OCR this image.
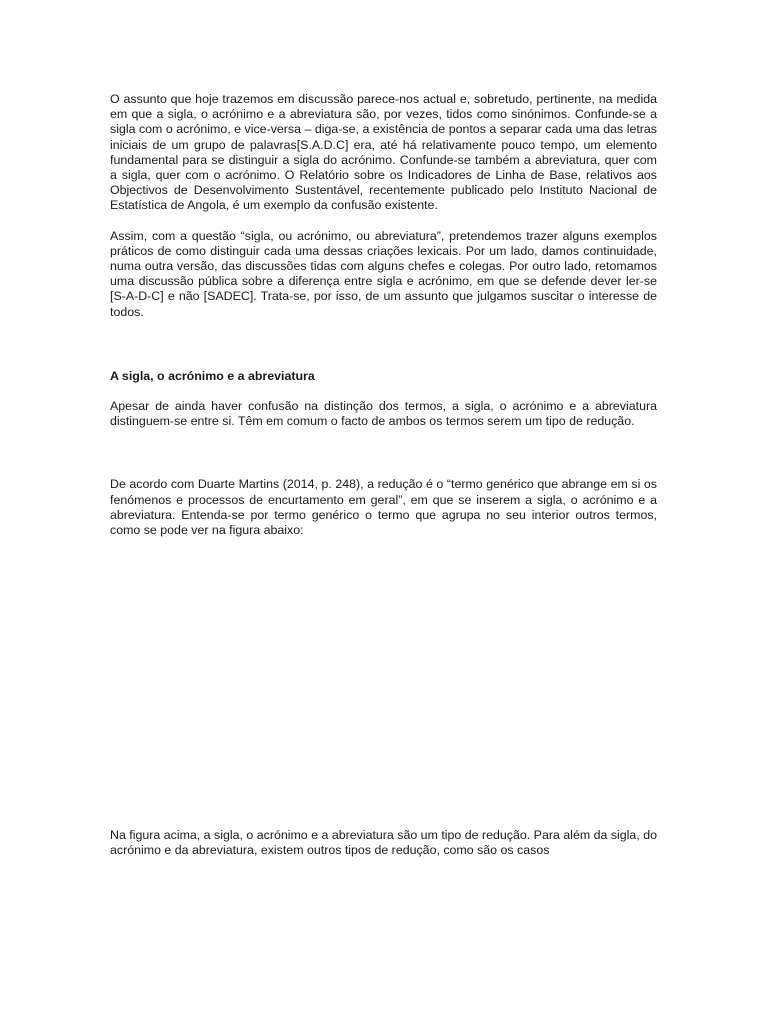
O assunto que hoje trazemos em discussão parece-nos actual e, sobretudo, pertinente, na medida em que a sigla, o acrónimo e a abreviatura são, por vezes, tidos como sinónimos. Confunde-se a sigla com o acrónimo, e vice-versa – diga-se, a existência de pontos a separar cada uma das letras iniciais de um grupo de palavras[S.A.D.C] era, até há relativamente pouco tempo, um elemento fundamental para se distinguir a sigla do acrónimo. Confunde-se também a abreviatura, quer com a sigla, quer com o acrónimo. O Relatório sobre os Indicadores de Linha de Base, relativos aos Objectivos de Desenvolvimento Sustentável, recentemente publicado pelo Instituto Nacional de Estatística de Angola, é um exemplo da confusão existente.

Assim, com a questão “sigla, ou acrónimo, ou abreviatura”, pretendemos trazer alguns exemplos práticos de como distinguir cada uma dessas criações lexicais. Por um lado, damos continuidade, numa outra versão, das discussões tidas com alguns chefes e colegas. Por outro lado, retomamos uma discussão pública sobre a diferença entre sigla e acrónimo, em que se defende dever ler-se [S-A-D-C] e não [SADEC]. Trata-se, por isso, de um assunto que julgamos suscitar o interesse de todos.

A sigla, o acrónimo e a abreviatura

Apesar de ainda haver confusão na distinção dos termos, a sigla, o acrónimo e a abreviatura distinguem-se entre si. Têm em comum o facto de ambos os termos serem um tipo de redução.

De acordo com Duarte Martins (2014, p. 248), a redução é o “termo genérico que abrange em si os fenómenos e processos de encurtamento em geral”, em que se inserem a sigla, o acrónimo e a abreviatura. Entenda-se por termo genérico o termo que agrupa no seu interior outros termos, como se pode ver na figura abaixo:

Na figura acima, a sigla, o acrónimo e a abreviatura são um tipo de redução. Para além da sigla, do acrónimo e da abreviatura, existem outros tipos de redução, como são os casos
